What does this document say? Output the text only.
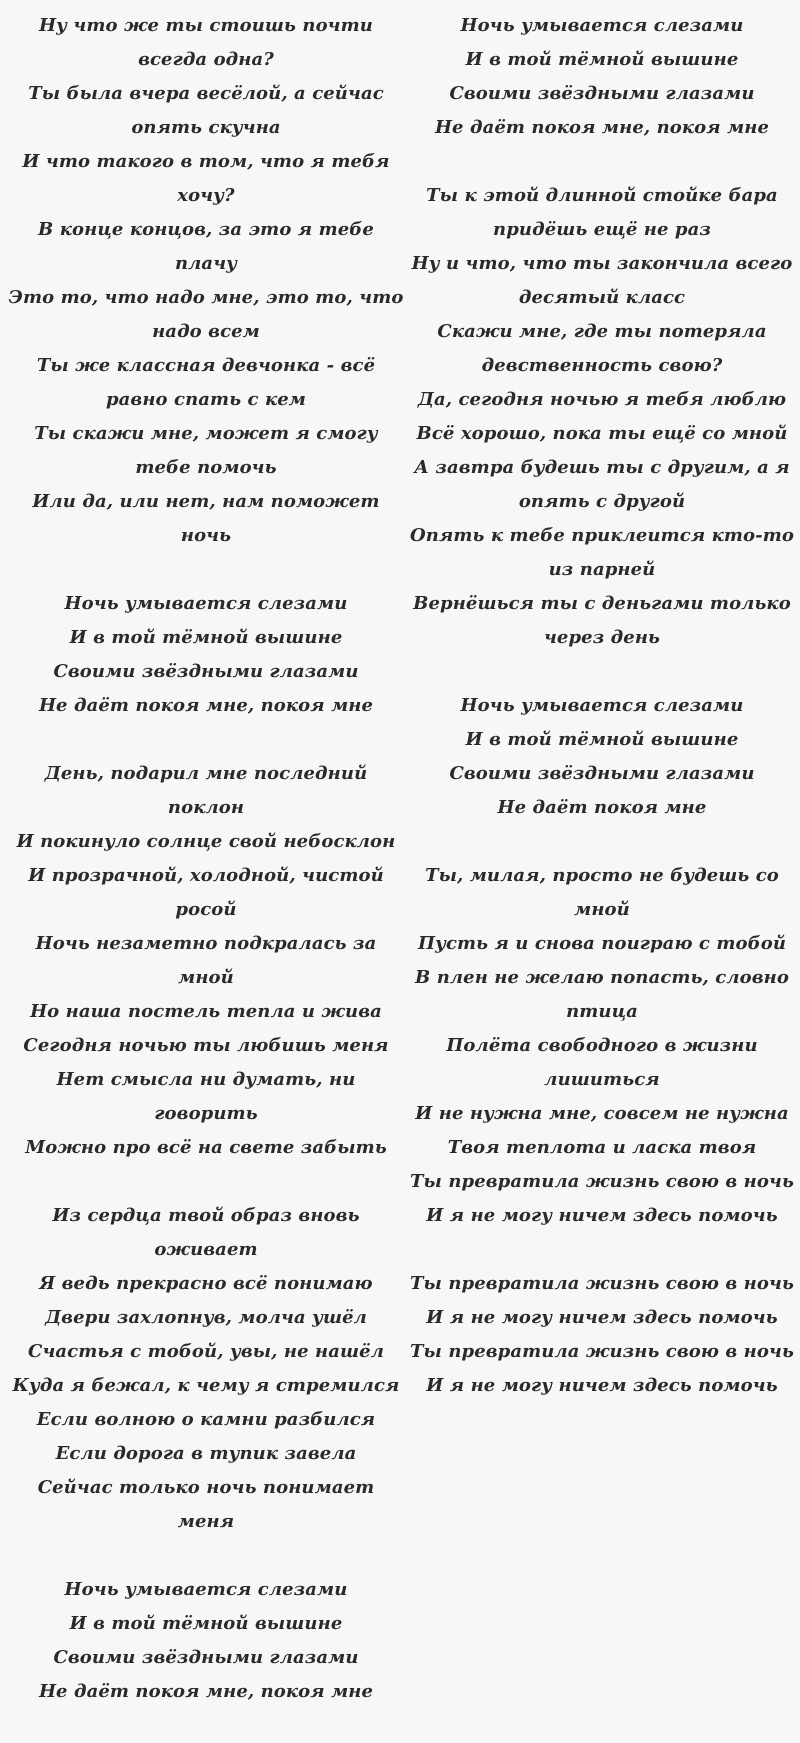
Ну что же ты стоишь почти всегда одна?

Ты была вчера весёлой, а сейчас опять скучна

И что такого в том, что я тебя хочу?

В конце концов, за это я тебе плачу

Это то, что надо мне, это то, что надо всем

Ты же классная девчонка - всё равно спать с кем

Ты скажи мне, может я смогу тебе помочь

Или да, или нет, нам поможет ночь

Ночь умывается слезами

И в той тёмной вышине

Своими звёздными глазами

Не даёт покоя мне, покоя мне

День, подарил мне последний поклон

И покинуло солнце свой небосклон

И прозрачной, холодной, чистой росой

Ночь незаметно подкралась за мной

Но наша постель тепла и жива

Сегодня ночью ты любишь меня

Нет смысла ни думать, ни говорить

Можно про всё на свете забыть

Из сердца твой образ вновь оживает

Я ведь прекрасно всё понимаю

Двери захлопнув, молча ушёл

Счастья с тобой, увы, не нашёл

Куда я бежал, к чему я стремился

Если волною о камни разбился

Если дорога в тупик завела

Сейчас только ночь понимает меня

Ночь умывается слезами

И в той тёмной вышине

Своими звёздными глазами

Не даёт покоя мне, покоя мне

Ночь умывается слезами

И в той тёмной вышине

Своими звёздными глазами

Не даёт покоя мне, покоя мне

Ты к этой длинной стойке бара придёшь ещё не раз

Ну и что, что ты закончила всего десятый класс

Скажи мне, где ты потеряла девственность свою?

Да, сегодня ночью я тебя люблю

Всё хорошо, пока ты ещё со мной

А завтра будешь ты с другим, а я опять с другой

Опять к тебе приклеится кто-то из парней

Вернёшься ты с деньгами только через день

Ночь умывается слезами

И в той тёмной вышине

Своими звёздными глазами

Не даёт покоя мне

Ты, милая, просто не будешь со мной

Пусть я и снова поиграю с тобой

В плен не желаю попасть, словно птица

Полёта свободного в жизни лишиться

И не нужна мне, совсем не нужна

Твоя теплота и ласка твоя

Ты превратила жизнь свою в ночь

И я не могу ничем здесь помочь

Ты превратила жизнь свою в ночь

И я не могу ничем здесь помочь

Ты превратила жизнь свою в ночь

И я не могу ничем здесь помочь
